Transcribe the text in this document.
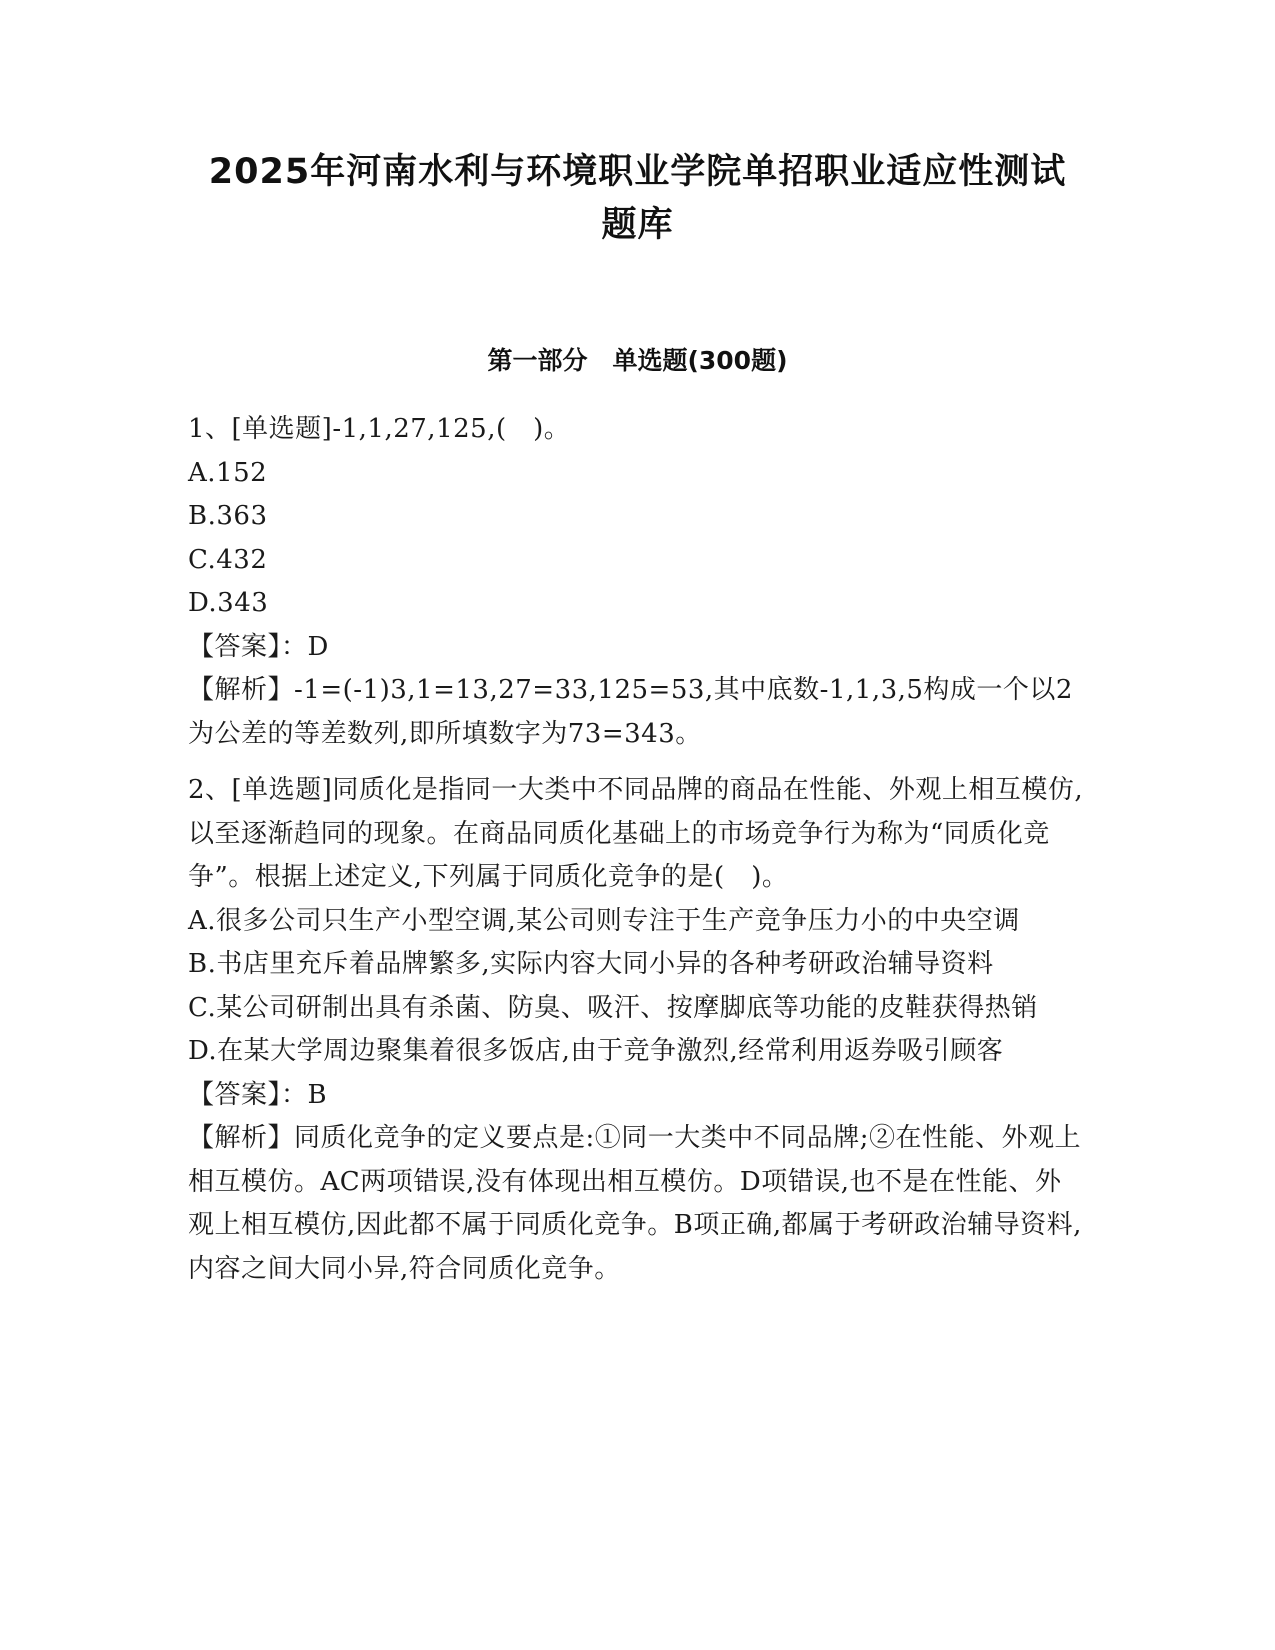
2025年河南水利与环境职业学院单招职业适应性测试
题库
第一部分　单选题(300题)

1、[单选题]-1,1,27,125,(　)。

A.152

B.363

C.432

D.343

【答案】：D

【解析】-1=(-1)3,1=13,27=33,125=53,其中底数-1,1,3,5构成一个以2为公差的等差数列,即所填数字为73=343。

2、[单选题]同质化是指同一大类中不同品牌的商品在性能、外观上相互模仿,以至逐渐趋同的现象。在商品同质化基础上的市场竞争行为称为“同质化竞争”。根据上述定义,下列属于同质化竞争的是(　)。

A.很多公司只生产小型空调,某公司则专注于生产竞争压力小的中央空调

B.书店里充斥着品牌繁多,实际内容大同小异的各种考研政治辅导资料

C.某公司研制出具有杀菌、防臭、吸汗、按摩脚底等功能的皮鞋获得热销

D.在某大学周边聚集着很多饭店,由于竞争激烈,经常利用返券吸引顾客

【答案】：B

【解析】同质化竞争的定义要点是:①同一大类中不同品牌;②在性能、外观上相互模仿。AC两项错误,没有体现出相互模仿。D项错误,也不是在性能、外观上相互模仿,因此都不属于同质化竞争。B项正确,都属于考研政治辅导资料,内容之间大同小异,符合同质化竞争。
